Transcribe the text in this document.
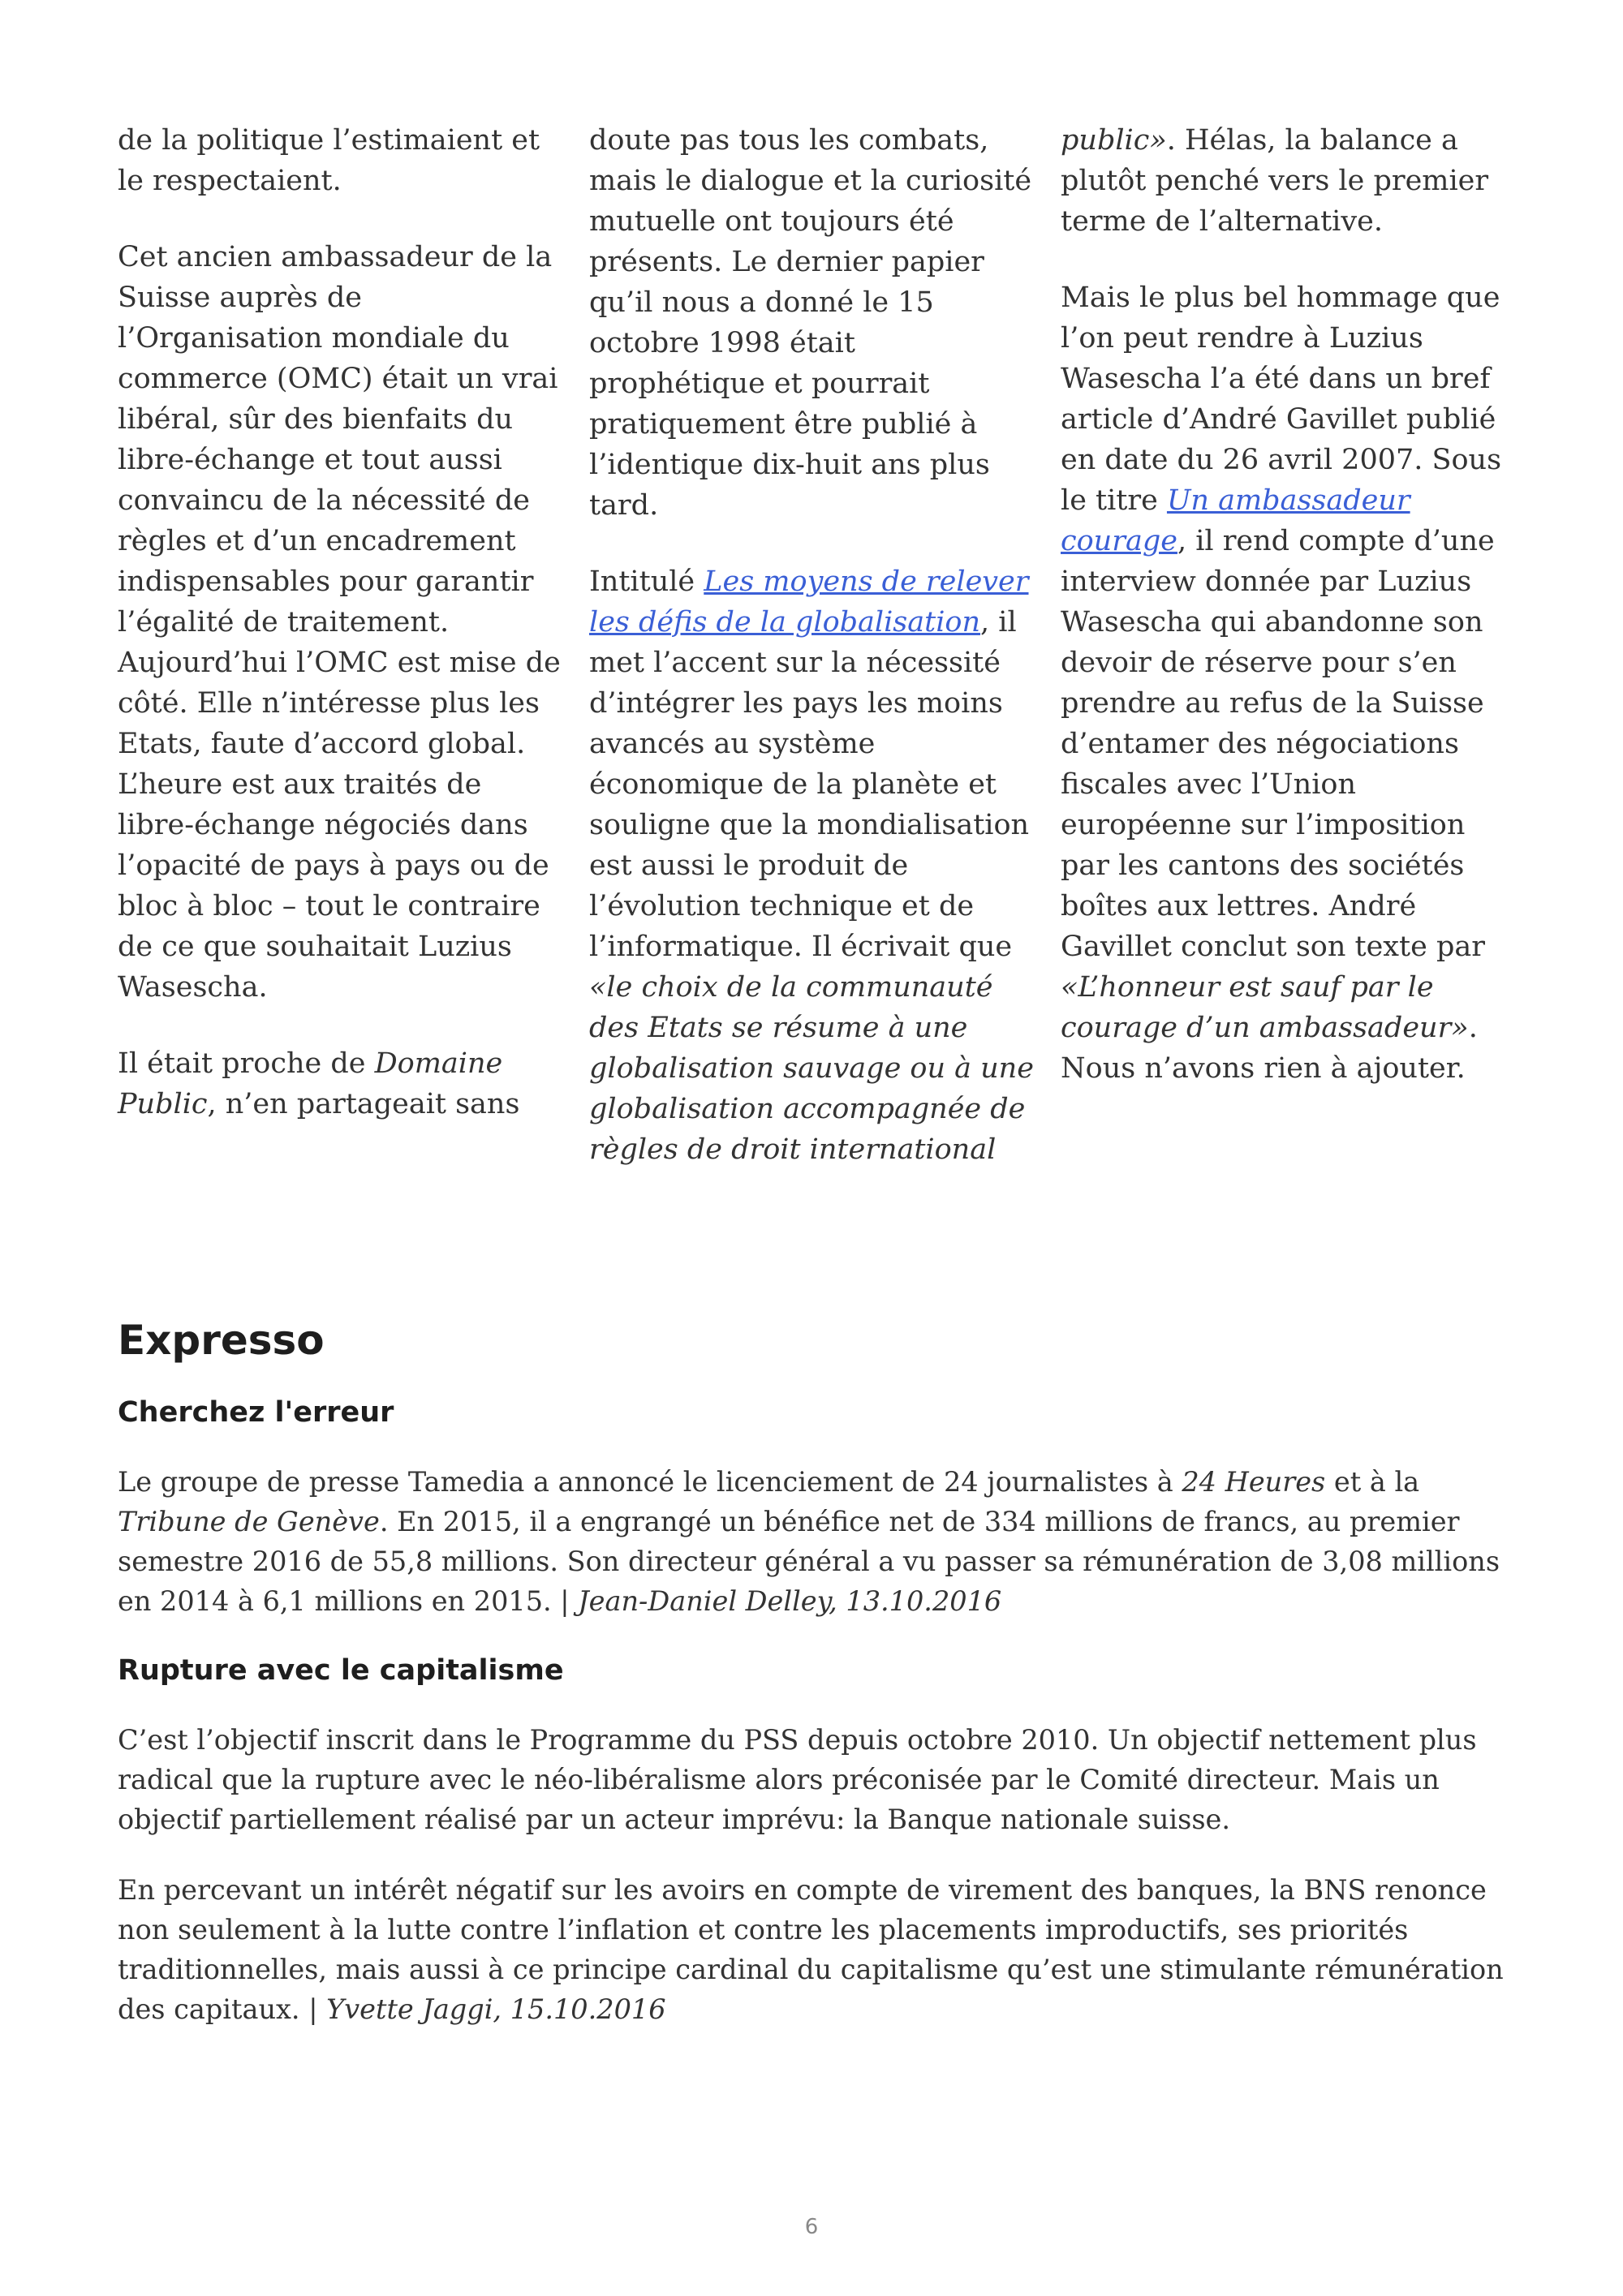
de la politique l’estimaient et le respectaient.

Cet ancien ambassadeur de la Suisse auprès de l’Organisation mondiale du commerce (OMC) était un vrai libéral, sûr des bienfaits du libre-échange et tout aussi convaincu de la nécessité de règles et d’un encadrement indispensables pour garantir l’égalité de traitement. Aujourd’hui l’OMC est mise de côté. Elle n’intéresse plus les Etats, faute d’accord global. L’heure est aux traités de libre-échange négociés dans l’opacité de pays à pays ou de bloc à bloc – tout le contraire de ce que souhaitait Luzius Wasescha.

Il était proche de Domaine Public, n’en partageait sans

doute pas tous les combats, mais le dialogue et la curiosité mutuelle ont toujours été présents. Le dernier papier qu’il nous a donné le 15 octobre 1998 était prophétique et pourrait pratiquement être publié à l’identique dix-huit ans plus tard.

Intitulé Les moyens de relever les défis de la globalisation, il met l’accent sur la nécessité d’intégrer les pays les moins avancés au système économique de la planète et souligne que la mondialisation est aussi le produit de l’évolution technique et de l’informatique. Il écrivait que «le choix de la communauté des Etats se résume à une globalisation sauvage ou à une globalisation accompagnée de règles de droit international

public». Hélas, la balance a plutôt penché vers le premier terme de l’alternative.

Mais le plus bel hommage que l’on peut rendre à Luzius Wasescha l’a été dans un bref article d’André Gavillet publié en date du 26 avril 2007. Sous le titre Un ambassadeur courage, il rend compte d’une interview donnée par Luzius Wasescha qui abandonne son devoir de réserve pour s’en prendre au refus de la Suisse d’entamer des négociations fiscales avec l’Union européenne sur l’imposition par les cantons des sociétés boîtes aux lettres. André Gavillet conclut son texte par «L’honneur est sauf par le courage d’un ambassadeur». Nous n’avons rien à ajouter.

Expresso
Cherchez l'erreur

Le groupe de presse Tamedia a annoncé le licenciement de 24 journalistes à 24 Heures et à la Tribune de Genève. En 2015, il a engrangé un bénéfice net de 334 millions de francs, au premier semestre 2016 de 55,8 millions. Son directeur général a vu passer sa rémunération de 3,08 millions en 2014 à 6,1 millions en 2015. | Jean-Daniel Delley, 13.10.2016

Rupture avec le capitalisme

C’est l’objectif inscrit dans le Programme du PSS depuis octobre 2010. Un objectif nettement plus radical que la rupture avec le néo-libéralisme alors préconisée par le Comité directeur. Mais un objectif partiellement réalisé par un acteur imprévu: la Banque nationale suisse.

En percevant un intérêt négatif sur les avoirs en compte de virement des banques, la BNS renonce non seulement à la lutte contre l’inflation et contre les placements improductifs, ses priorités traditionnelles, mais aussi à ce principe cardinal du capitalisme qu’est une stimulante rémunération des capitaux. | Yvette Jaggi, 15.10.2016

6
